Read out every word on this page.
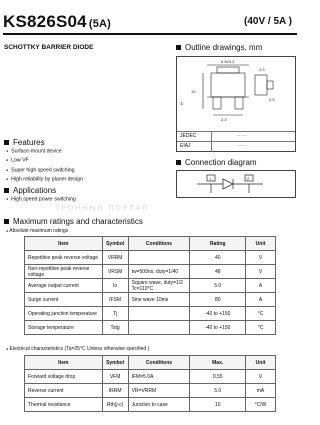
KS826S04 (5A)	(40V / 5A )
SCHOTTKY BARRIER DIODE	Outline drawings, mm
6.5±0.2
10
2.3
2.3
0.5
①
JEDEC	------
EIAJ	------
Features
● Surface-mount device
● Low VF
● Super high speed switching
● High reliability by planer design
Connection diagram
1	2
Applications
● High speed power switching
ТРОННЫЙ ПОРТАЛ
Maximum ratings and characteristics
● Absolute maximum ratings
Item	Symbol	Conditions	Rating	Unit
Repetitive peak reverse voltage	VRRM		40	V
Non-repetitive peak reverse voltage	VRSM	tw=500ns, duty=1/40	48	V
Average output current	Io	Square wave, duty=1/2 Tc=110°C	5.0	A
Surge current	IFSM	Sine wave 10ms	80	A
Operating junction temperature	Tj		-40 to +150	°C
Storage temperature	Tstg		-40 to +150	°C
● Electrical characteristics (Ta=25°C Unless otherwise specified )
Item	Symbol	Conditions	Max.	Unit
Forward voltage drop	VFM	IFM=5.0A	0.55	V
Reverse current	IRRM	VR=VRRM	5.0	mA
Thermal resistance	Rth(j-c)	Junction to case	10	°C/W
